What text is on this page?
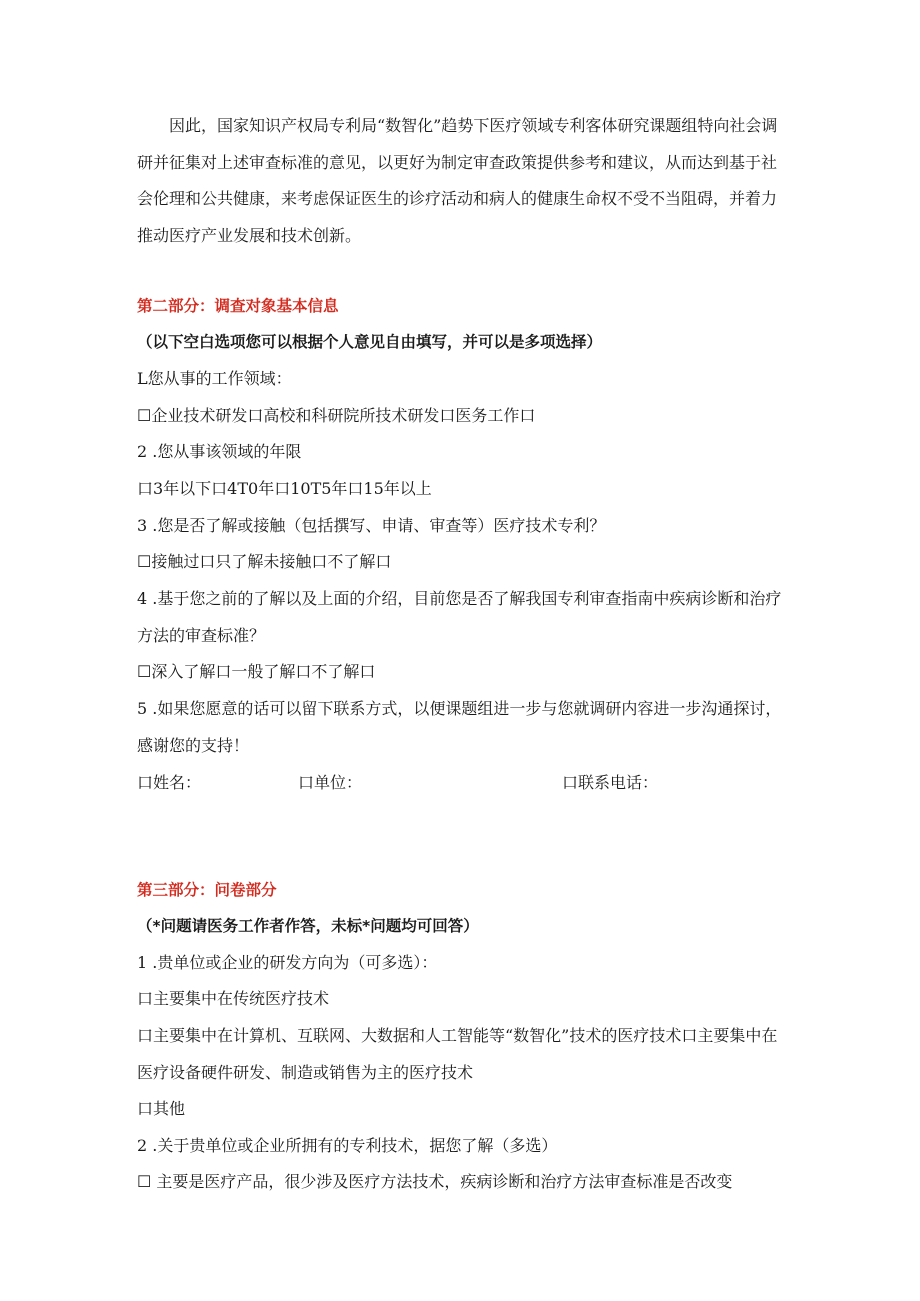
因此，国家知识产权局专利局“数智化”趋势下医疗领域专利客体研究课题组特向社会调研并征集对上述审查标准的意见，以更好为制定审查政策提供参考和建议，从而达到基于社会伦理和公共健康，来考虑保证医生的诊疗活动和病人的健康生命权不受不当阻碍，并着力推动医疗产业发展和技术创新。

第二部分：调查对象基本信息
（以下空白选项您可以根据个人意见自由填写，并可以是多项选择）
L您从事的工作领域：
☐企业技术研发口高校和科研院所技术研发口医务工作口
2 .您从事该领域的年限
口3年以下口4T0年口10T5年口15年以上
3 .您是否了解或接触（包括撰写、申请、审查等）医疗技术专利？
☐接触过口只了解未接触口不了解口

4 .基于您之前的了解以及上面的介绍，目前您是否了解我国专利审查指南中疾病诊断和治疗方法的审查标准？

☐深入了解口一般了解口不了解口

5 .如果您愿意的话可以留下联系方式，以便课题组进一步与您就调研内容进一步沟通探讨，感谢您的支持！

口姓名：	口单位：	口联系电话：
第三部分：问卷部分
（*问题请医务工作者作答，未标*问题均可回答）
1 .贵单位或企业的研发方向为（可多选）：
口主要集中在传统医疗技术

口主要集中在计算机、互联网、大数据和人工智能等“数智化”技术的医疗技术口主要集中在医疗设备硬件研发、制造或销售为主的医疗技术

口其他
2 .关于贵单位或企业所拥有的专利技术，据您了解（多选）
☐ 主要是医疗产品，很少涉及医疗方法技术，疾病诊断和治疗方法审查标准是否改变
